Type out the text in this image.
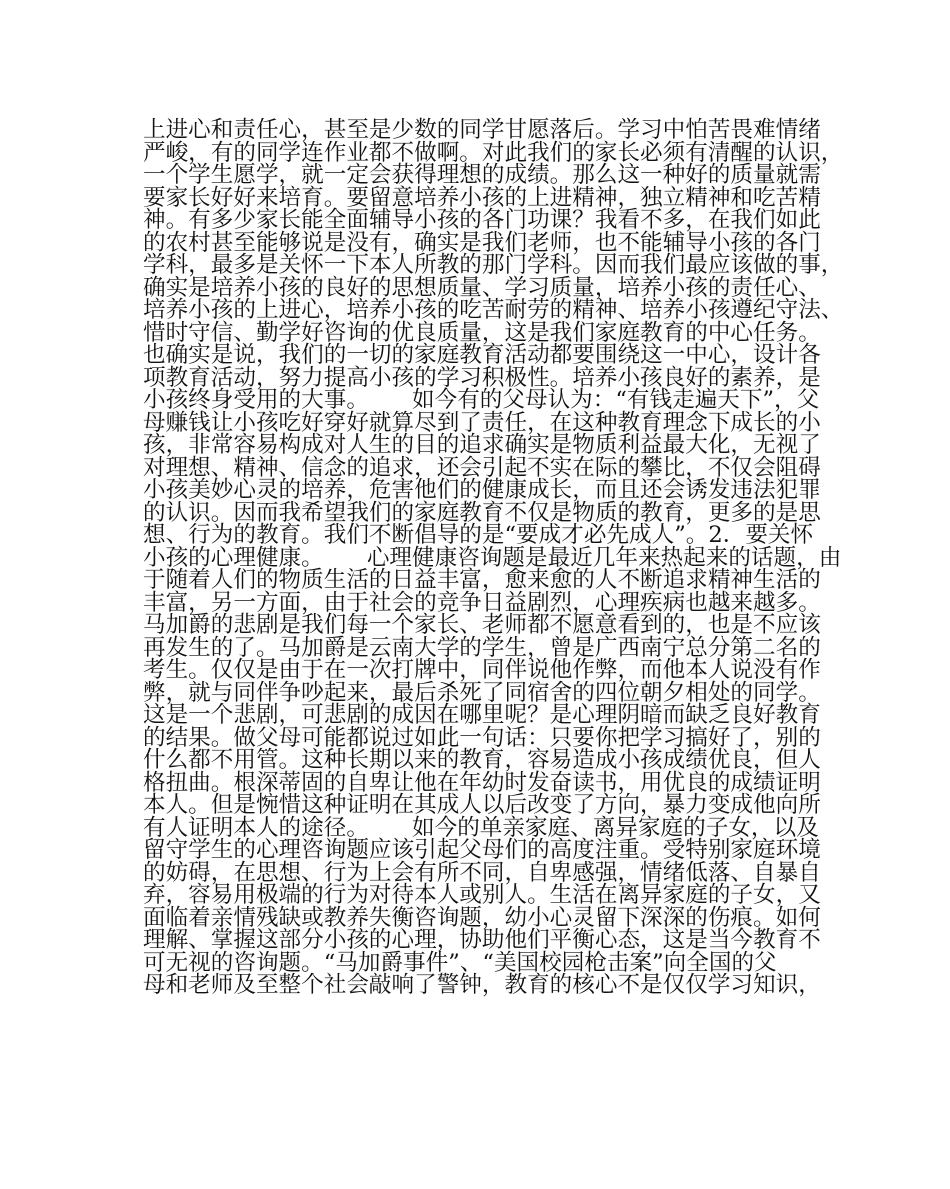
上进心和责任心，甚至是少数的同学甘愿落后。学习中怕苦畏难情绪
严峻，有的同学连作业都不做啊。对此我们的家长必须有清醒的认识，
一个学生愿学，就一定会获得理想的成绩。那么这一种好的质量就需
要家长好好来培育。要留意培养小孩的上进精神，独立精神和吃苦精
神。有多少家长能全面辅导小孩的各门功课？我看不多，在我们如此
的农村甚至能够说是没有，确实是我们老师，也不能辅导小孩的各门
学科，最多是关怀一下本人所教的那门学科。因而我们最应该做的事，
确实是培养小孩的良好的思想质量、学习质量，培养小孩的责任心、
培养小孩的上进心，培养小孩的吃苦耐劳的精神、培养小孩遵纪守法、
惜时守信、勤学好咨询的优良质量，这是我们家庭教育的中心任务。
也确实是说，我们的一切的家庭教育活动都要围绕这一中心，设计各
项教育活动，努力提高小孩的学习积极性。培养小孩良好的素养，是
小孩终身受用的大事。      如今有的父母认为：“有钱走遍天下”，父
母赚钱让小孩吃好穿好就算尽到了责任，在这种教育理念下成长的小
孩，非常容易构成对人生的目的追求确实是物质利益最大化，无视了
对理想、精神、信念的追求，还会引起不实在际的攀比，不仅会阻碍
小孩美妙心灵的培养，危害他们的健康成长，而且还会诱发违法犯罪
的认识。因而我希望我们的家庭教育不仅是物质的教育，更多的是思
想、行为的教育。我们不断倡导的是“要成才必先成人”。2．要关怀
小孩的心理健康。      心理健康咨询题是最近几年来热起来的话题，由
于随着人们的物质生活的日益丰富，愈来愈的人不断追求精神生活的
丰富，另一方面，由于社会的竞争日益剧烈，心理疾病也越来越多。
马加爵的悲剧是我们每一个家长、老师都不愿意看到的，也是不应该
再发生的了。马加爵是云南大学的学生，曾是广西南宁总分第二名的
考生。仅仅是由于在一次打牌中，同伴说他作弊，而他本人说没有作
弊，就与同伴争吵起来，最后杀死了同宿舍的四位朝夕相处的同学。
这是一个悲剧，可悲剧的成因在哪里呢？是心理阴暗而缺乏良好教育
的结果。做父母可能都说过如此一句话：只要你把学习搞好了，别的
什么都不用管。这种长期以来的教育，容易造成小孩成绩优良，但人
格扭曲。根深蒂固的自卑让他在年幼时发奋读书，用优良的成绩证明
本人。但是惋惜这种证明在其成人以后改变了方向，暴力变成他向所
有人证明本人的途径。      如今的单亲家庭、离异家庭的子女，以及
留守学生的心理咨询题应该引起父母们的高度注重。受特别家庭环境
的妨碍，在思想、行为上会有所不同，自卑感强，情绪低落、自暴自
弃，容易用极端的行为对待本人或别人。生活在离异家庭的子女，又
面临着亲情残缺或教养失衡咨询题，幼小心灵留下深深的伤痕。如何
理解、掌握这部分小孩的心理，协助他们平衡心态，这是当今教育不
可无视的咨询题。“马加爵事件”、“美国校园枪击案”向全国的父
母和老师及至整个社会敲响了警钟，教育的核心不是仅仅学习知识，
